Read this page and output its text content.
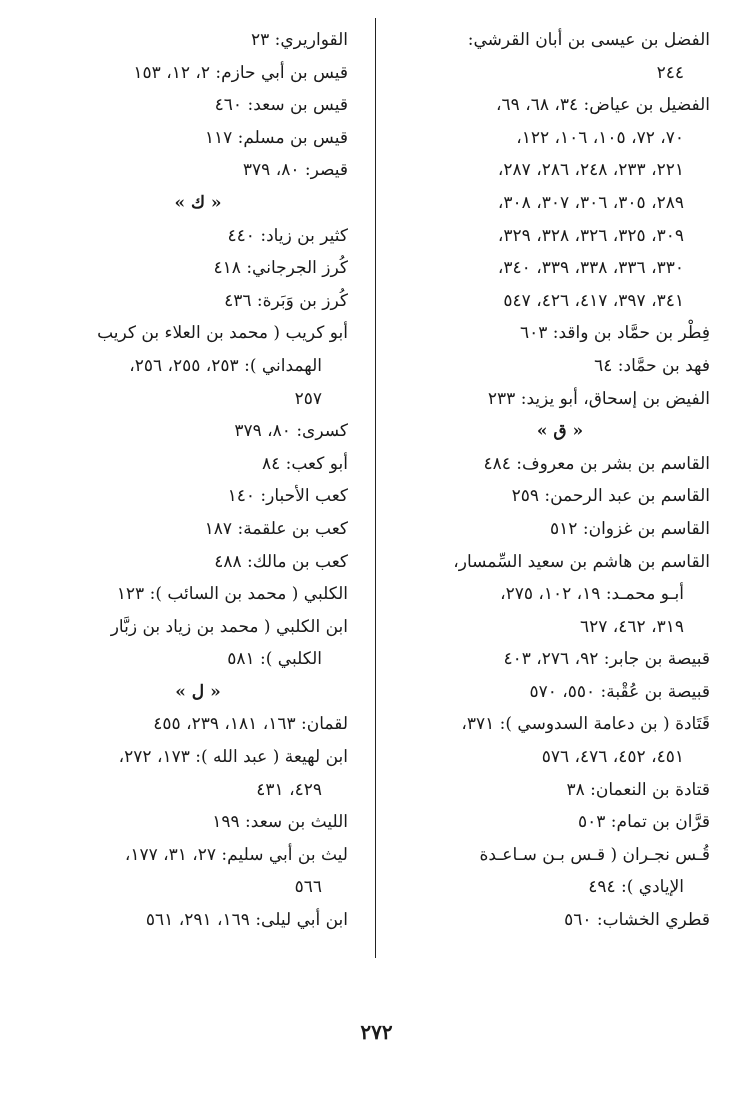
الفضل بن عيسى بن أبان القرشي:
٢٤٤
الفضيل بن عياض: ٣٤، ٦٨، ٦٩،
٧٠، ٧٢، ١٠٥، ١٠٦، ١٢٢،
٢٢١، ٢٣٣، ٢٤٨، ٢٨٦، ٢٨٧،
٢٨٩، ٣٠٥، ٣٠٦، ٣٠٧، ٣٠٨،
٣٠٩، ٣٢٥، ٣٢٦، ٣٢٨، ٣٢٩،
٣٣٠، ٣٣٦، ٣٣٨، ٣٣٩، ٣٤٠،
٣٤١، ٣٩٧، ٤١٧، ٤٢٦، ٥٤٧
فِطْر بن حمَّاد بن واقد: ٦٠٣
فهد بن حمَّاد: ٦٤
الفيض بن إسحاق، أبو يزيد: ٢٣٣
« ق »
القاسم بن بشر بن معروف: ٤٨٤
القاسم بن عبد الرحمن: ٢٥٩
القاسم بن غزوان: ٥١٢
القاسم بن هاشم بن سعيد السِّمسار،
أبـو محمـد: ١٩، ١٠٢، ٢٧٥،
٣١٩، ٤٦٢، ٦٢٧
قبيصة بن جابر: ٩٢، ٢٧٦، ٤٠٣
قبيصة بن عُقْبة: ٥٥٠، ٥٧٠
قَتَادة ( بن دعامة السدوسي ): ٣٧١،
٤٥١، ٤٥٢، ٤٧٦، ٥٧٦
قتادة بن النعمان: ٣٨
قرَّان بن تمام: ٥٠٣
قُـس نجـران ( قـس بـن سـاعـدة
الإيادي ): ٤٩٤
قطري الخشاب: ٥٦٠
القواريري: ٢٣
قيس بن أبي حازم: ٢، ١٢، ١٥٣
قيس بن سعد: ٤٦٠
قيس بن مسلم: ١١٧
قيصر: ٨٠، ٣٧٩
« ك »
كثير بن زياد: ٤٤٠
كُرز الجرجاني: ٤١٨
كُرز بن وَبَرة: ٤٣٦
أبو كريب ( محمد بن العلاء بن كريب
الهمداني ): ٢٥٣، ٢٥٥، ٢٥٦،
٢٥٧
كسرى: ٨٠، ٣٧٩
أبو كعب: ٨٤
كعب الأحبار: ١٤٠
كعب بن علقمة: ١٨٧
كعب بن مالك: ٤٨٨
الكلبي ( محمد بن السائب ): ١٢٣
ابن الكلبي ( محمد بن زياد بن زبَّار
الكلبي ): ٥٨١
« ل »
لقمان: ١٦٣، ١٨١، ٢٣٩، ٤٥٥
ابن لهيعة ( عبد الله ): ١٧٣، ٢٧٢،
٤٢٩، ٤٣١
الليث بن سعد: ١٩٩
ليث بن أبي سليم: ٢٧، ٣١، ١٧٧،
٥٦٦
ابن أبي ليلى: ١٦٩، ٢٩١، ٥٦١
٢٧٢
